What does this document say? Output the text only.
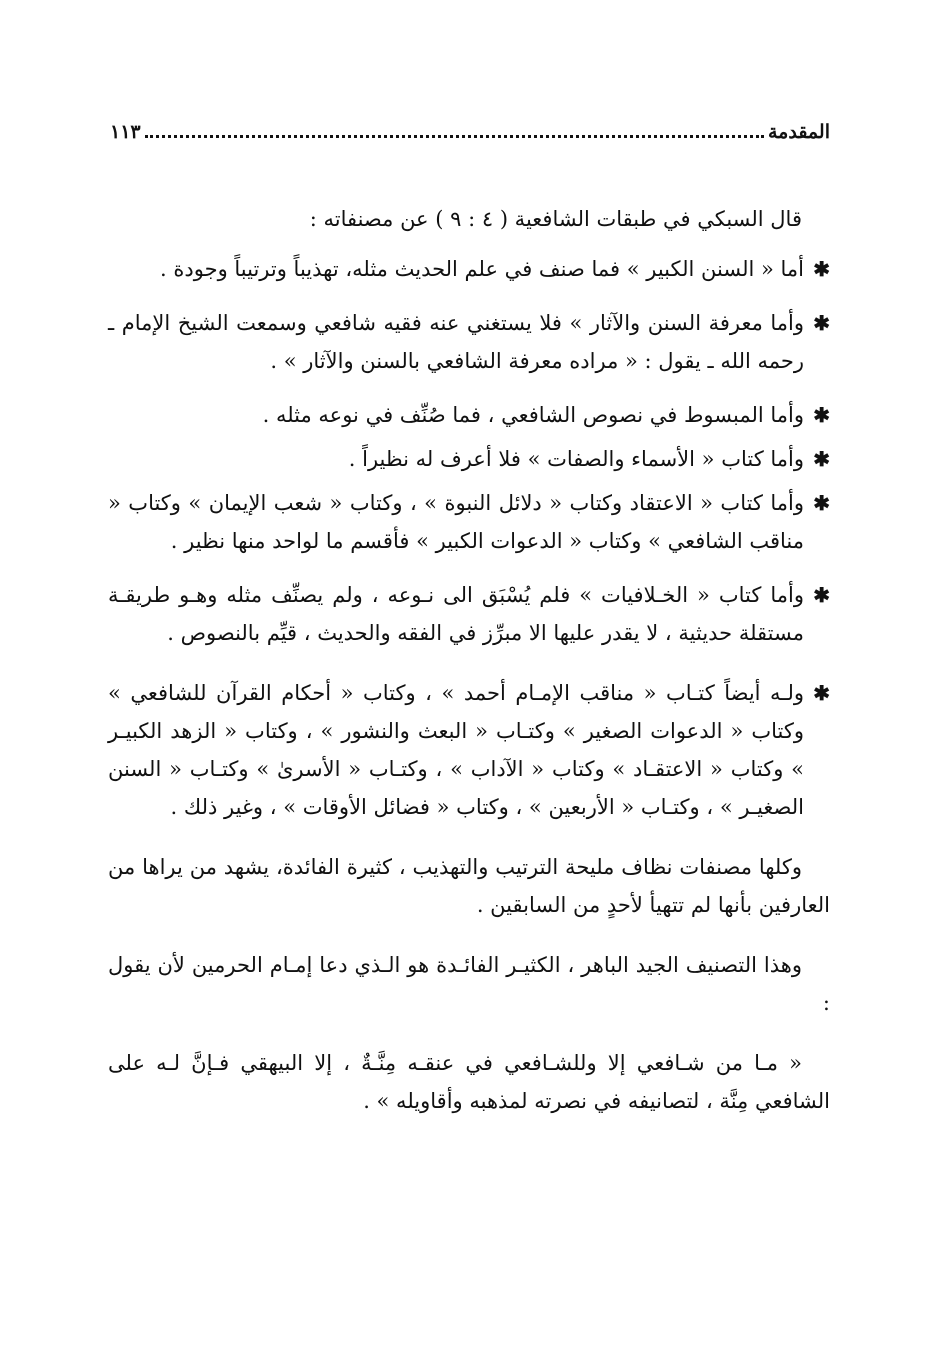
المقدمة
١١٣

قال السبكي في طبقات الشافعية ( ٤ : ٩ ) عن مصنفاته :

✱
أما « السنن الكبير » فما صنف في علم الحديث مثله، تهذيباً وترتيباً وجودة .

✱
وأما معرفة السنن والآثار » فلا يستغني عنه فقيه شافعي وسمعت الشيخ الإمام ـ رحمه الله ـ يقول : « مراده معرفة الشافعي بالسنن والآثار » .

✱
وأما المبسوط في نصوص الشافعي ، فما صُنِّف في نوعه مثله .

✱
وأما كتاب « الأسماء والصفات » فلا أعرف له نظيراً .

✱
وأما كتاب « الاعتقاد وكتاب « دلائل النبوة » ، وكتاب « شعب الإيمان » وكتاب « مناقب الشافعي » وكتاب « الدعوات الكبير » فأقسم ما لواحد منها نظير .

✱
وأما كتاب « الخـلافيات » فلم يُسْبَق الى نـوعه ، ولم يصنِّف مثله وهـو طريقـة مستقلة حديثية ، لا يقدر عليها الا مبرِّز في الفقه والحديث ، قيِّم بالنصوص .

✱
ولـه أيضاً كتـاب « مناقب الإمـام أحمد » ، وكتاب « أحكام القرآن للشافعي » وكتاب « الدعوات الصغير » وكتـاب « البعث والنشور » ، وكتاب « الزهد الكبيـر » وكتاب « الاعتقـاد » وكتاب « الآداب » ، وكتـاب « الأسرىٰ » وكتـاب « السنن الصغيـر » ، وكتـاب « الأربعين » ، وكتاب « فضائل الأوقات » ، وغير ذلك .

وكلها مصنفات نظاف مليحة الترتيب والتهذيب ، كثيرة الفائدة، يشهد من يراها من العارفين بأنها لم تتهيأ لأحدٍ من السابقين .

وهذا التصنيف الجيد الباهر ، الكثيـر الفائـدة هو الـذي دعا إمـام الحرمين لأن يقول :

« مـا من شـافعي إلا وللشـافعي في عنقـه مِنَّـةٌ ، إلا البيهقي فـإنَّ لـه على الشافعي مِنَّة ، لتصانيفه في نصرته لمذهبه وأقاويله » .
